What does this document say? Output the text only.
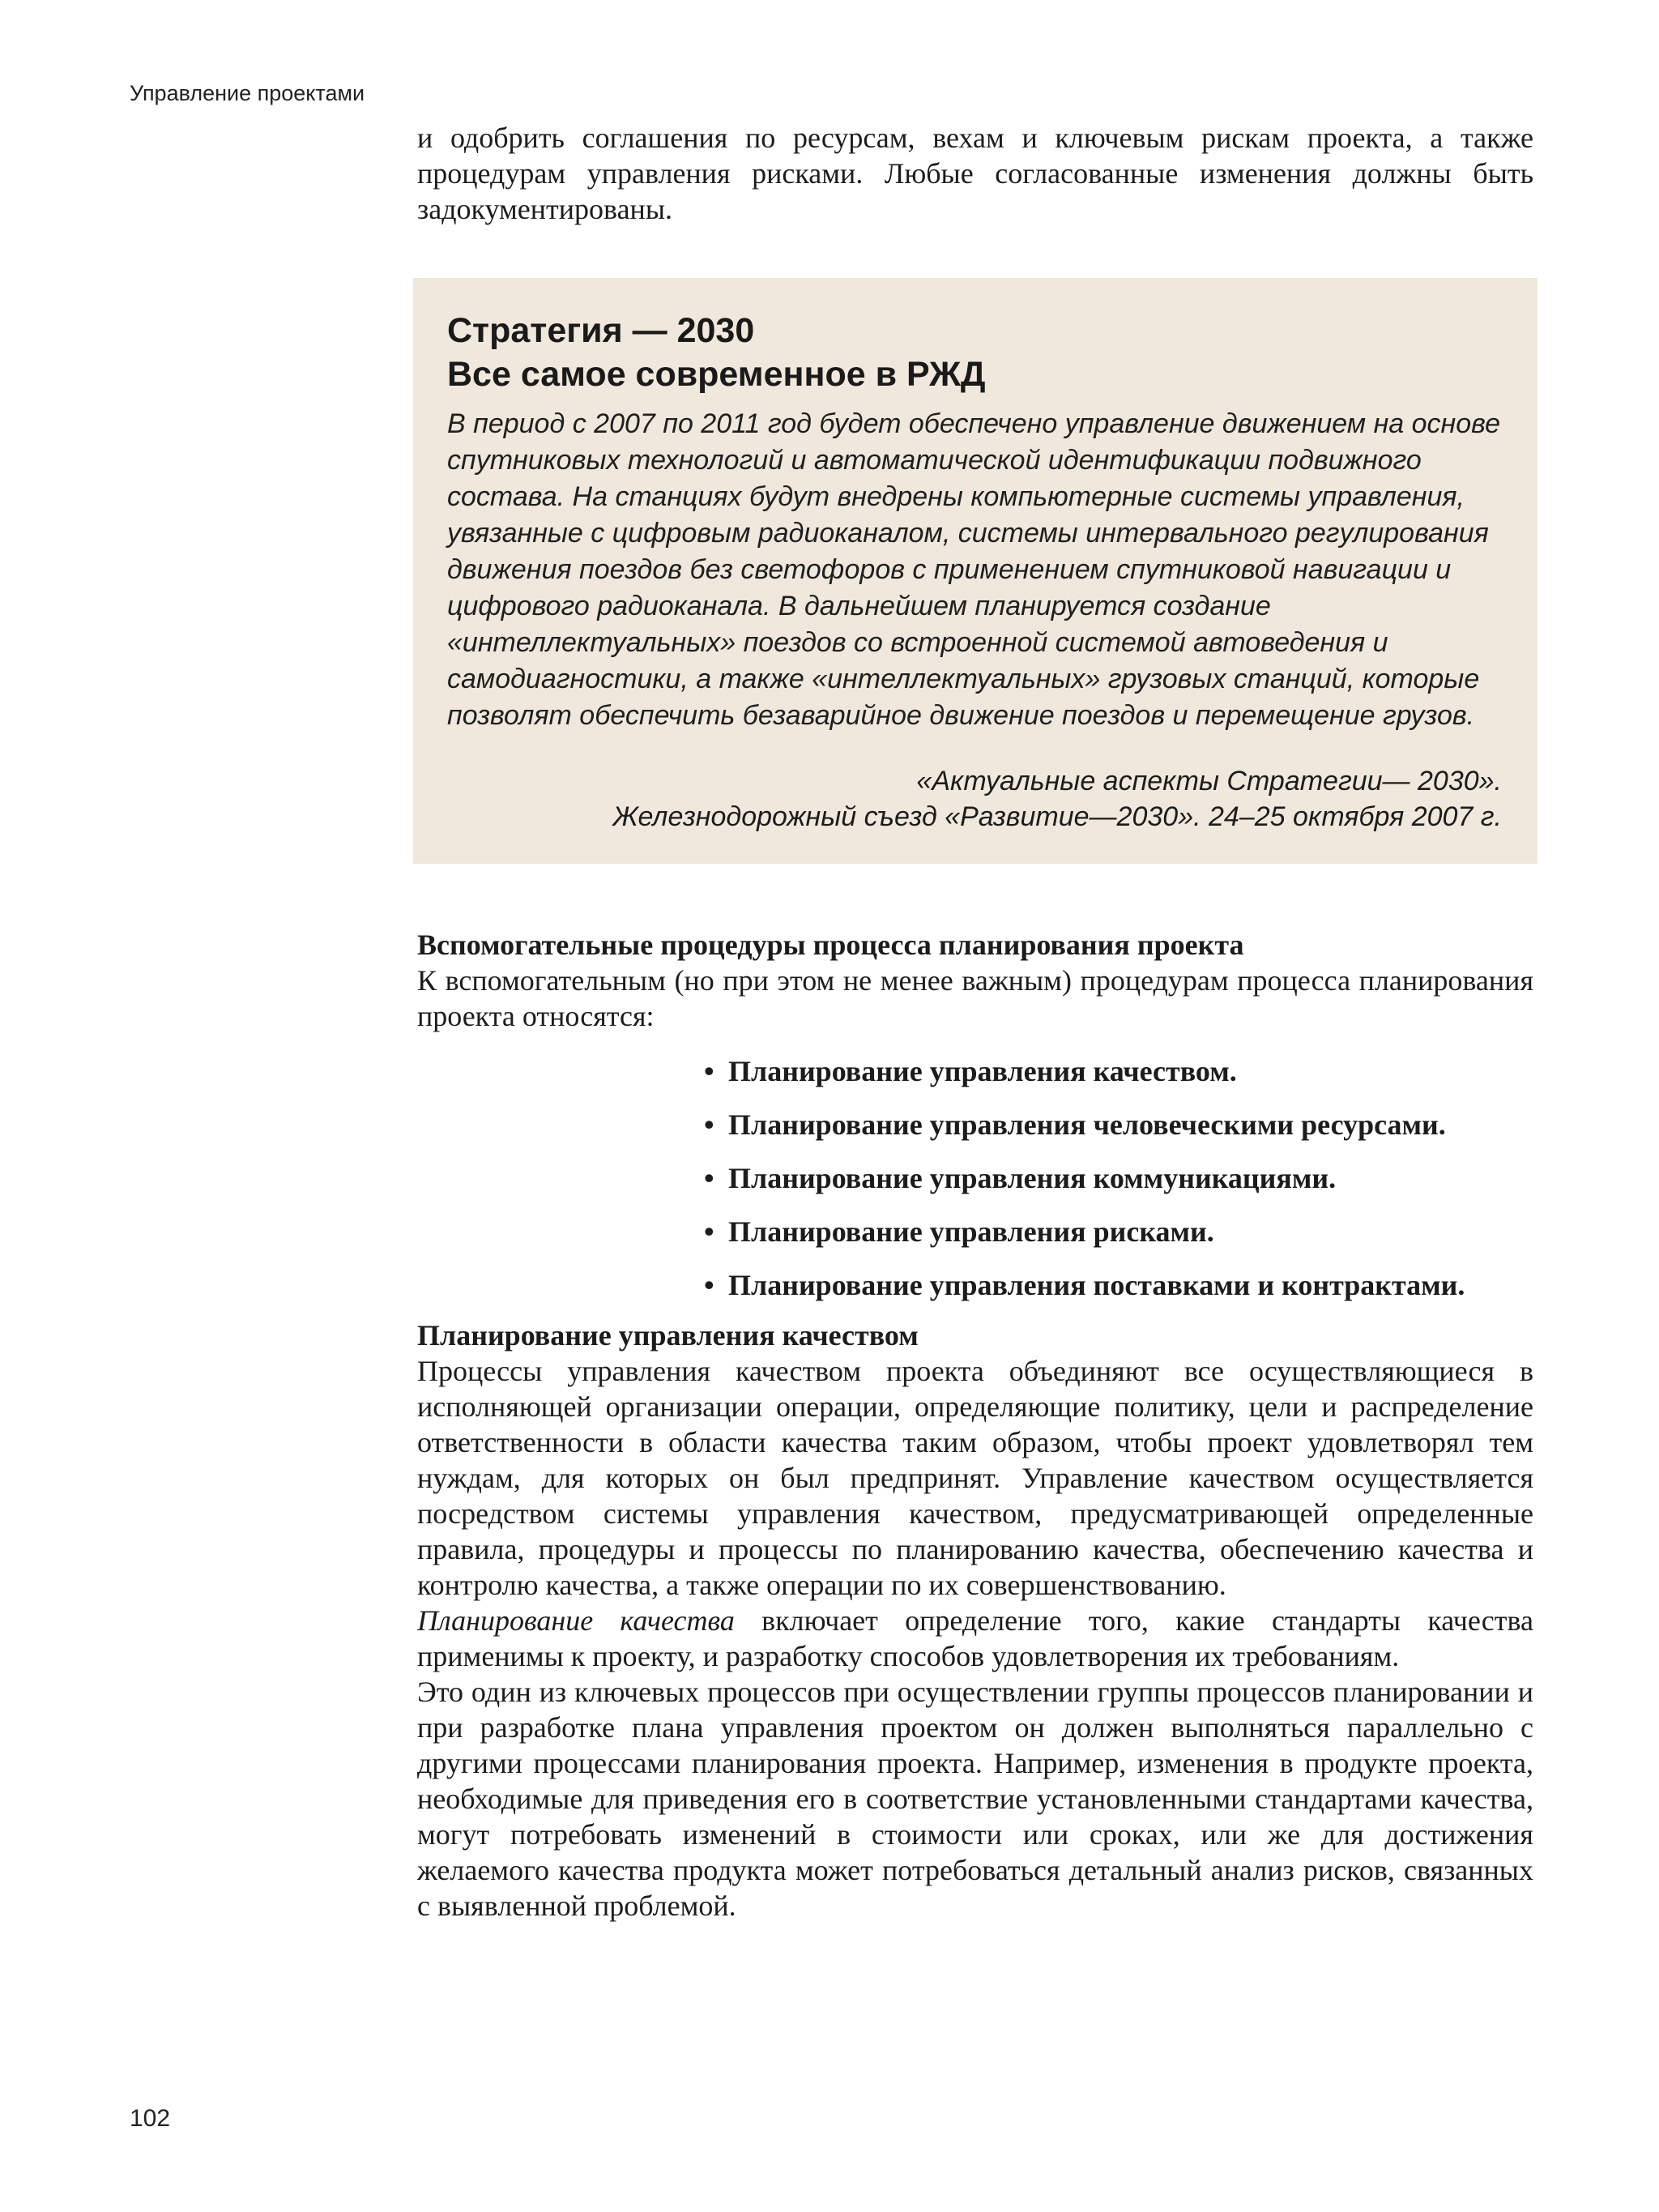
Управление проектами

и одобрить соглашения по ресурсам, вехам и ключевым рискам проекта, а также процедурам управления рисками. Любые согласованные изменения должны быть задокументированы.

Стратегия — 2030
Все самое современное в РЖД
В период с 2007 по 2011 год будет обеспечено управление движением на основе спутниковых технологий и автоматической идентификации подвижного состава. На станциях будут внедрены компьютерные системы управления, увязанные с цифровым радиоканалом, системы интервального регулирования движения поездов без светофоров с применением спутниковой навигации и цифрового радиоканала. В дальнейшем планируется создание «интеллектуальных» поездов со встроенной системой автоведения и самодиагностики, а также «интеллектуальных» грузовых станций, которые позволят обеспечить безаварийное движение поездов и перемещение грузов.
«Актуальные аспекты Стратегии— 2030».
Железнодорожный съезд «Развитие—2030». 24–25 октября 2007 г.
Вспомогательные процедуры процесса планирования проекта

К вспомогательным (но при этом не менее важным) процедурам процесса планирования проекта относятся:

• Планирование управления качеством.
• Планирование управления человеческими ресурсами.
• Планирование управления коммуникациями.
• Планирование управления рисками.
• Планирование управления поставками и контрактами.
Планирование управления качеством

Процессы управления качеством проекта объединяют все осуществляющиеся в исполняющей организации операции, определяющие политику, цели и распределение ответственности в области качества таким образом, чтобы проект удовлетворял тем нуждам, для которых он был предпринят. Управление качеством осуществляется посредством системы управления качеством, предусматривающей определенные правила, процедуры и процессы по планированию качества, обеспечению качества и контролю качества, а также операции по их совершенствованию.

Планирование качества включает определение того, какие стандарты качества применимы к проекту, и разработку способов удовлетворения их требованиям.

Это один из ключевых процессов при осуществлении группы процессов планировании и при разработке плана управления проектом он должен выполняться параллельно с другими процессами планирования проекта. Например, изменения в продукте проекта, необходимые для приведения его в соответствие установленными стандартами качества, могут потребовать изменений в стоимости или сроках, или же для достижения желаемого качества продукта может потребоваться детальный анализ рисков, связанных с выявленной проблемой.

102
